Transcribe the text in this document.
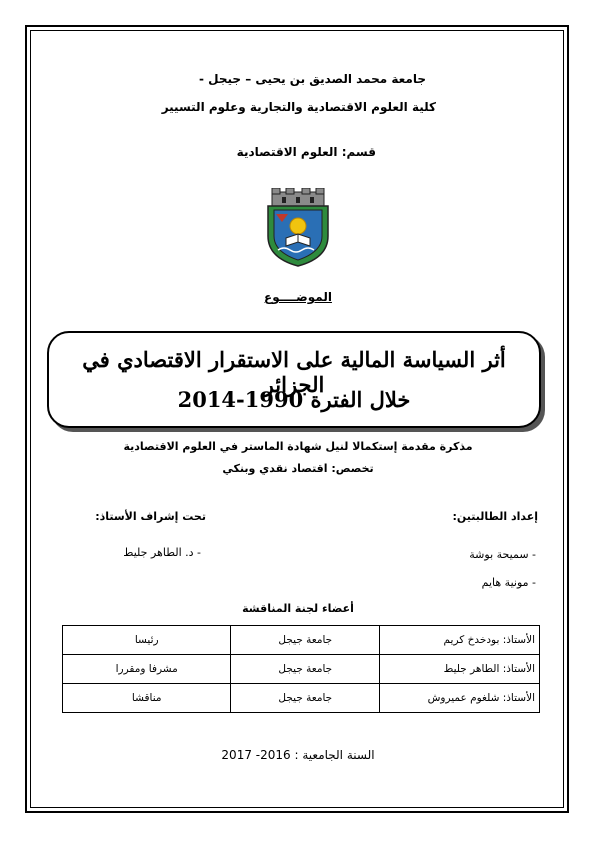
جامعة محمد الصديق بن يحيى – جيجل -
كلية العلوم الاقتصادية والتجارية وعلوم التسيير
قسم: العلوم الاقتصادية
الموضــــوع
أثر السياسة المالية على الاستقرار الاقتصادي في الجزائر
خلال الفترة 1990-2014
مذكرة مقدمة إستكمالا لنيل شهادة الماستر في العلوم الاقتصادية
تخصص: اقتصاد نقدي وبنكي
إعداد الطالبتين:
تحت إشراف الأستاذ:
- سميحة بوشة
- مونية هايم
- د. الطاهر جليط
أعضاء لجنة المناقشة
الأستاذ: بودخدخ كريم	جامعة جيجل	رئيسا
الأستاذ: الطاهر جليط	جامعة جيجل	مشرفا ومقررا
الأستاذ: شلغوم عميروش	جامعة جيجل	مناقشا
السنة الجامعية : 2016- 2017
